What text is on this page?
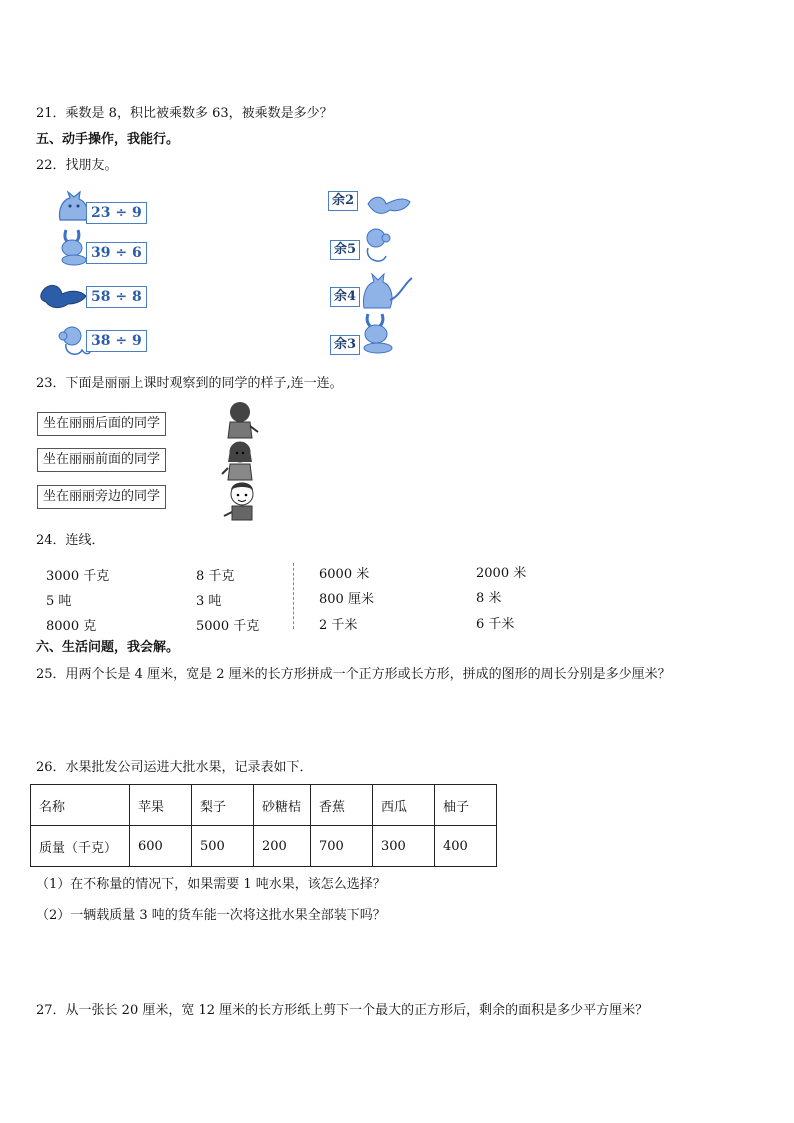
21．乘数是 8，积比被乘数多 63，被乘数是多少？
五、动手操作，我能行。
22．找朋友。
23 ÷ 9
39 ÷ 6
58 ÷ 8
38 ÷ 9
余2
余5
余4
余3
23．下面是丽丽上课时观察到的同学的样子,连一连。
坐在丽丽后面的同学
坐在丽丽前面的同学
坐在丽丽旁边的同学
24．连线．
3000 千克
5 吨
8000 克
8 千克
3 吨
5000 千克
6000 米
800 厘米
2 千米
2000 米
8 米
6 千米
六、生活问题，我会解。
25．用两个长是 4 厘米，宽是 2 厘米的长方形拼成一个正方形或长方形，拼成的图形的周长分别是多少厘米？
26．水果批发公司运进大批水果，记录表如下．
名称	苹果	梨子	砂糖桔	香蕉	西瓜	柚子
质量（千克）	600	500	200	700	300	400
（1）在不称量的情况下，如果需要 1 吨水果，该怎么选择？
（2）一辆载质量 3 吨的货车能一次将这批水果全部装下吗？
27．从一张长 20 厘米，宽 12 厘米的长方形纸上剪下一个最大的正方形后，剩余的面积是多少平方厘米？
